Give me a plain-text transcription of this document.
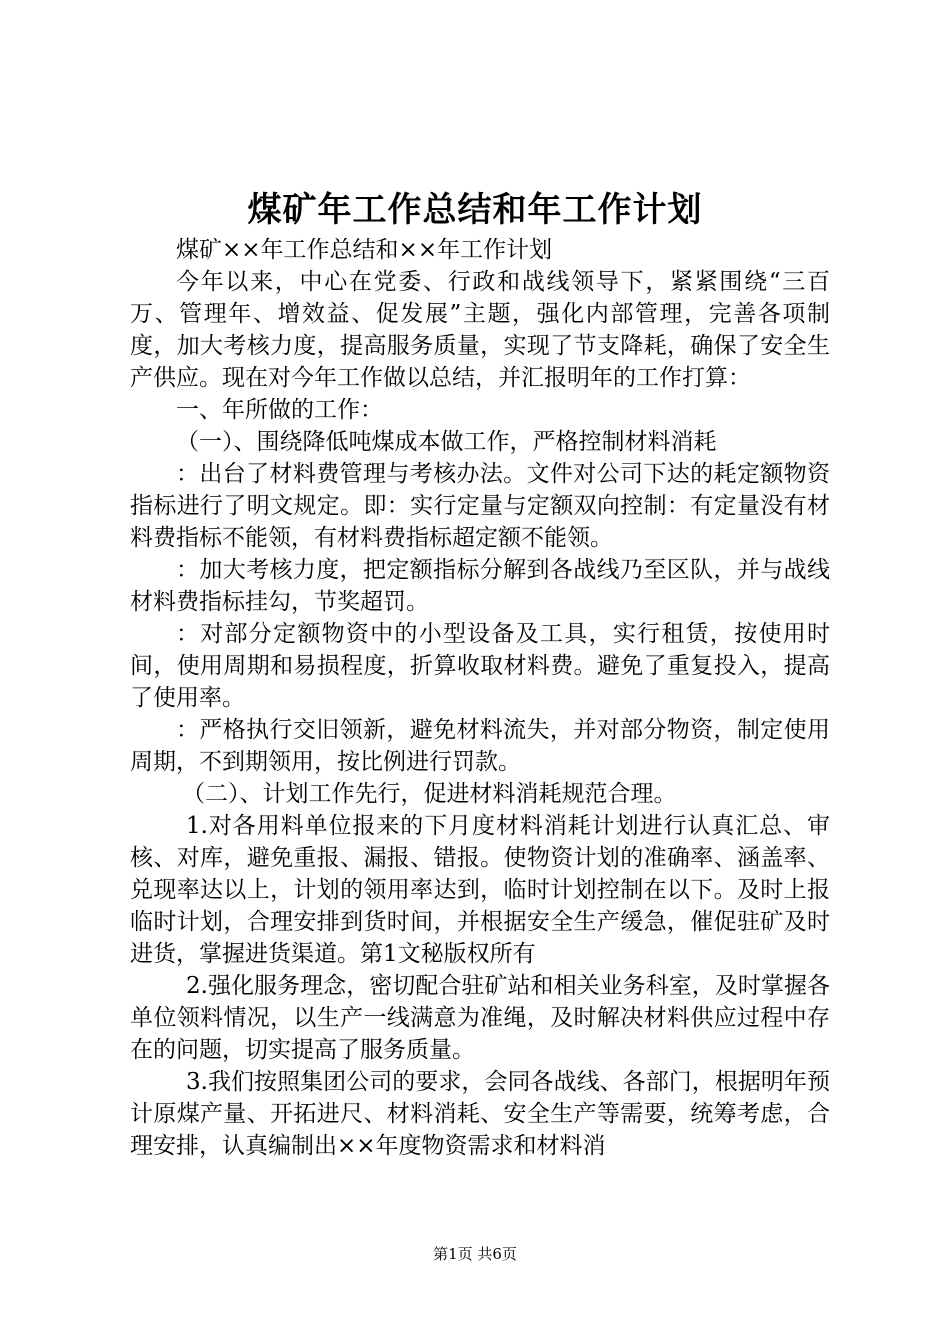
煤矿年工作总结和年工作计划

煤矿××年工作总结和××年工作计划

今年以来，中心在党委、行政和战线领导下，紧紧围绕“三百万、管理年、增效益、促发展”主题，强化内部管理，完善各项制度，加大考核力度，提高服务质量，实现了节支降耗，确保了安全生产供应。现在对今年工作做以总结，并汇报明年的工作打算：

一、年所做的工作：

（一）、围绕降低吨煤成本做工作，严格控制材料消耗

：出台了材料费管理与考核办法。文件对公司下达的耗定额物资指标进行了明文规定。即：实行定量与定额双向控制：有定量没有材料费指标不能领，有材料费指标超定额不能领。

：加大考核力度，把定额指标分解到各战线乃至区队，并与战线材料费指标挂勾，节奖超罚。

：对部分定额物资中的小型设备及工具，实行租赁，按使用时间，使用周期和易损程度，折算收取材料费。避免了重复投入，提高了使用率。

：严格执行交旧领新，避免材料流失，并对部分物资，制定使用周期，不到期领用，按比例进行罚款。

（二）、计划工作先行，促进材料消耗规范合理。

1.对各用料单位报来的下月度材料消耗计划进行认真汇总、审核、对库，避免重报、漏报、错报。使物资计划的准确率、涵盖率、兑现率达以上，计划的领用率达到，临时计划控制在以下。及时上报临时计划，合理安排到货时间，并根据安全生产缓急，催促驻矿及时进货，掌握进货渠道。第1文秘版权所有

2.强化服务理念，密切配合驻矿站和相关业务科室，及时掌握各单位领料情况，以生产一线满意为准绳，及时解决材料供应过程中存在的问题，切实提高了服务质量。

3.我们按照集团公司的要求，会同各战线、各部门，根据明年预计原煤产量、开拓进尺、材料消耗、安全生产等需要，统筹考虑，合理安排，认真编制出××年度物资需求和材料消

第1页 共6页
